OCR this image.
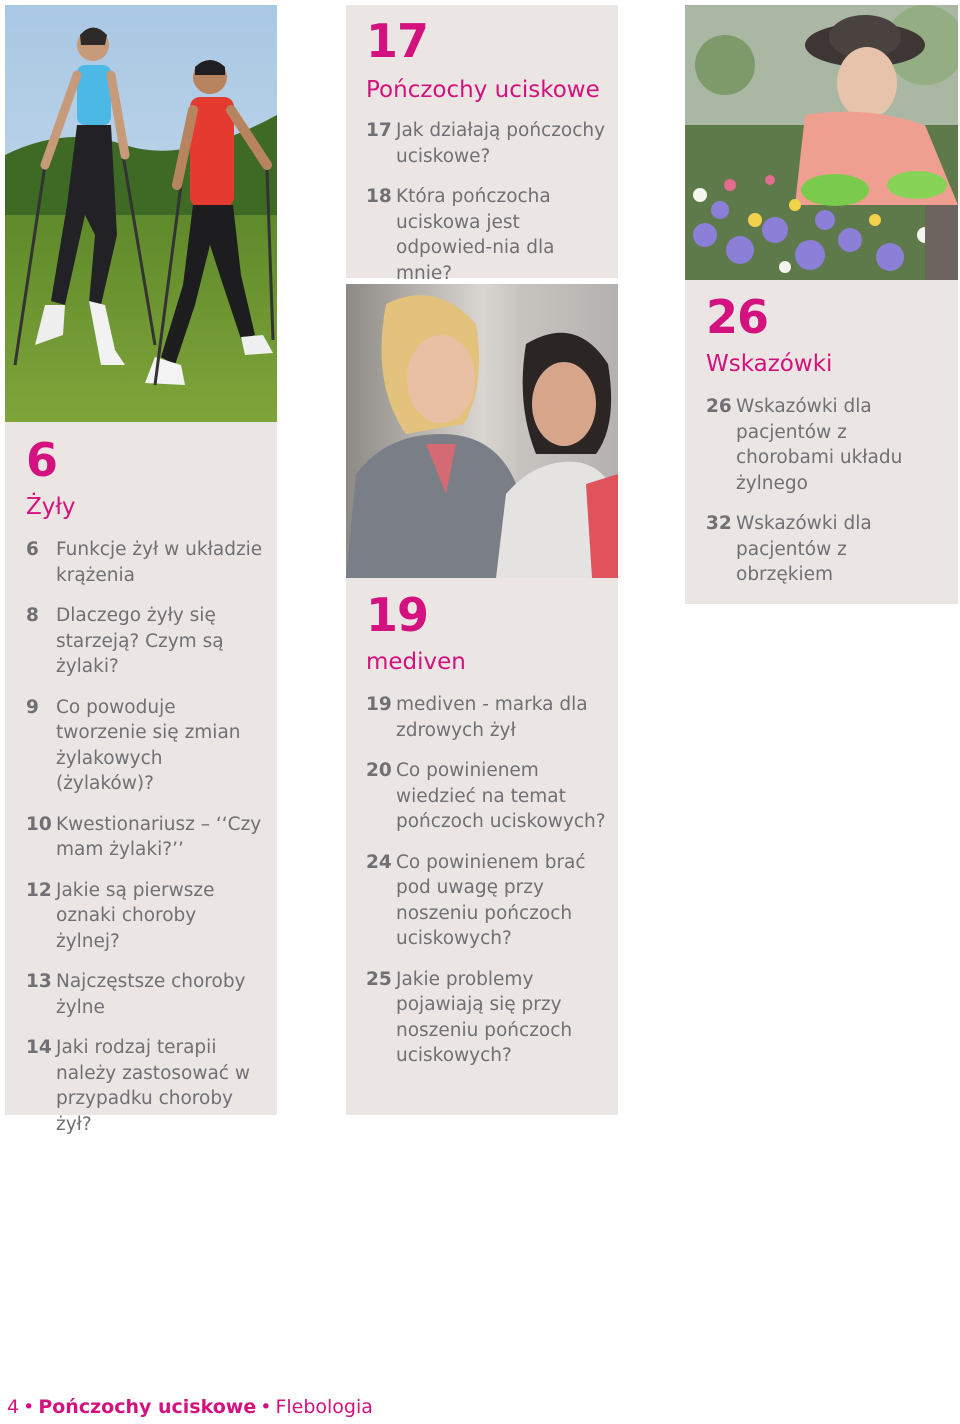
6
Żyły
6 Funkcje żył w układzie krążenia
8 Dlaczego żyły się starzeją? Czym są żylaki?
9 Co powoduje tworzenie się zmian żylakowych (żylaków)?
10 Kwestionariusz – ‘‘Czy mam żylaki?’’
12 Jakie są pierwsze oznaki choroby żylnej?
13 Najczęstsze choroby żylne
14 Jaki rodzaj terapii należy zastosować w przypadku choroby żył?
17
Pończochy uciskowe
17 Jak działają pończochy uciskowe?
18 Która pończocha uciskowa jest odpowied-nia dla mnie?
19
mediven
19 mediven - marka dla zdrowych żył
20 Co powinienem wiedzieć na temat pończoch uciskowych?
24 Co powinienem brać pod uwagę przy noszeniu pończoch uciskowych?
25 Jakie problemy pojawiają się przy noszeniu pończoch uciskowych?
26
Wskazówki
26 Wskazówki dla pacjentów z chorobami układu żylnego
32 Wskazówki dla pacjentów z obrzękiem
4 • Pończochy uciskowe • Flebologia
